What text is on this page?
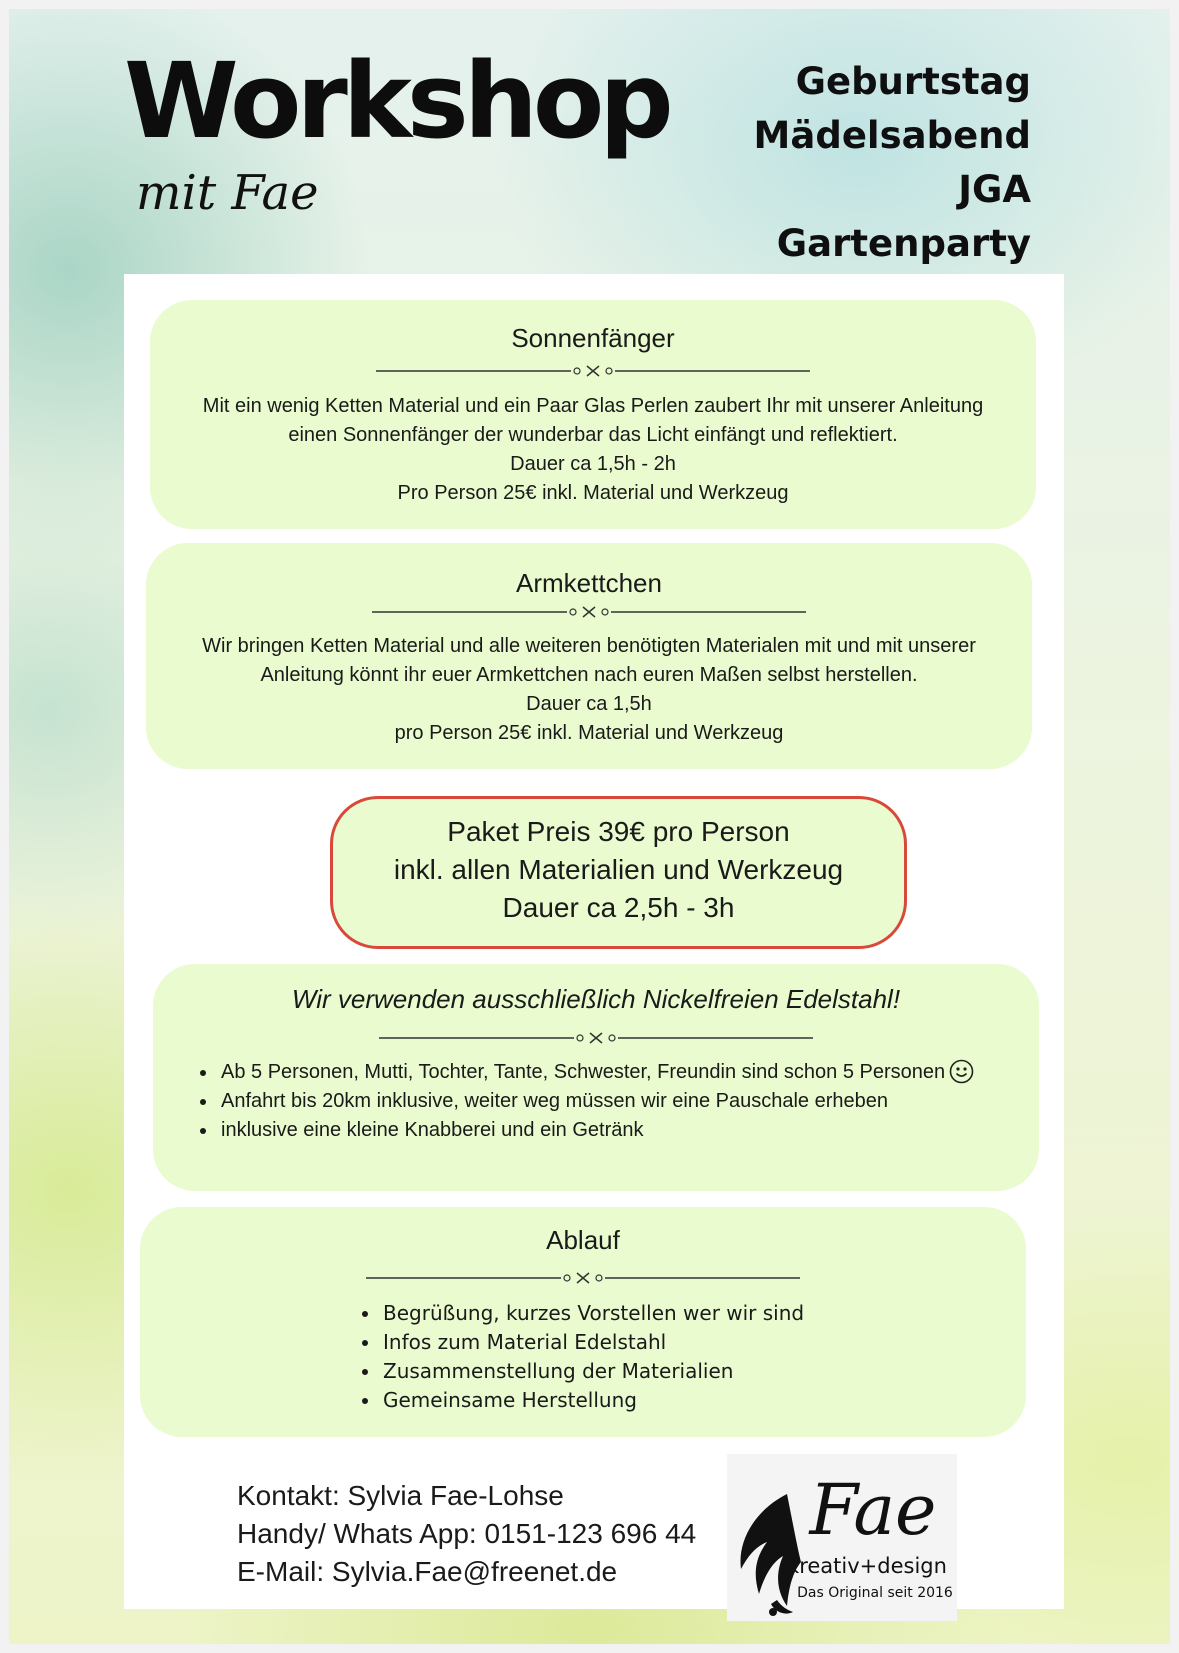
Workshop
mit Fae
Geburtstag
Mädelsabend
JGA
Gartenparty
Sonnenfänger

Mit ein wenig Ketten Material und ein Paar Glas Perlen zaubert Ihr mit unserer Anleitung

einen Sonnenfänger der wunderbar das Licht einfängt und reflektiert.

Dauer ca 1,5h - 2h

Pro Person 25€ inkl. Material und Werkzeug

Armkettchen

Wir bringen Ketten Material und alle weiteren benötigten Materialen mit und mit unserer

Anleitung könnt ihr euer Armkettchen nach euren Maßen selbst herstellen.

Dauer ca 1,5h

pro Person 25€ inkl. Material und Werkzeug

Paket Preis 39€ pro Person
inkl. allen Materialien und Werkzeug
Dauer ca 2,5h - 3h
Wir verwenden ausschließlich Nickelfreien Edelstahl!
Ab 5 Personen, Mutti, Tochter, Tante, Schwester, Freundin sind schon 5 Personen
Anfahrt bis 20km inklusive, weiter weg müssen wir eine Pauschale erheben
inklusive eine kleine Knabberei und ein Getränk
Ablauf
Begrüßung, kurzes Vorstellen wer wir sind
Infos zum Material Edelstahl
Zusammenstellung der Materialien
Gemeinsame Herstellung
Kontakt: Sylvia Fae-Lohse
Handy/ Whats App: 0151-123 696 44
E-Mail: Sylvia.Fae@freenet.de
Fae
kreativ+design
Das Original seit 2016
